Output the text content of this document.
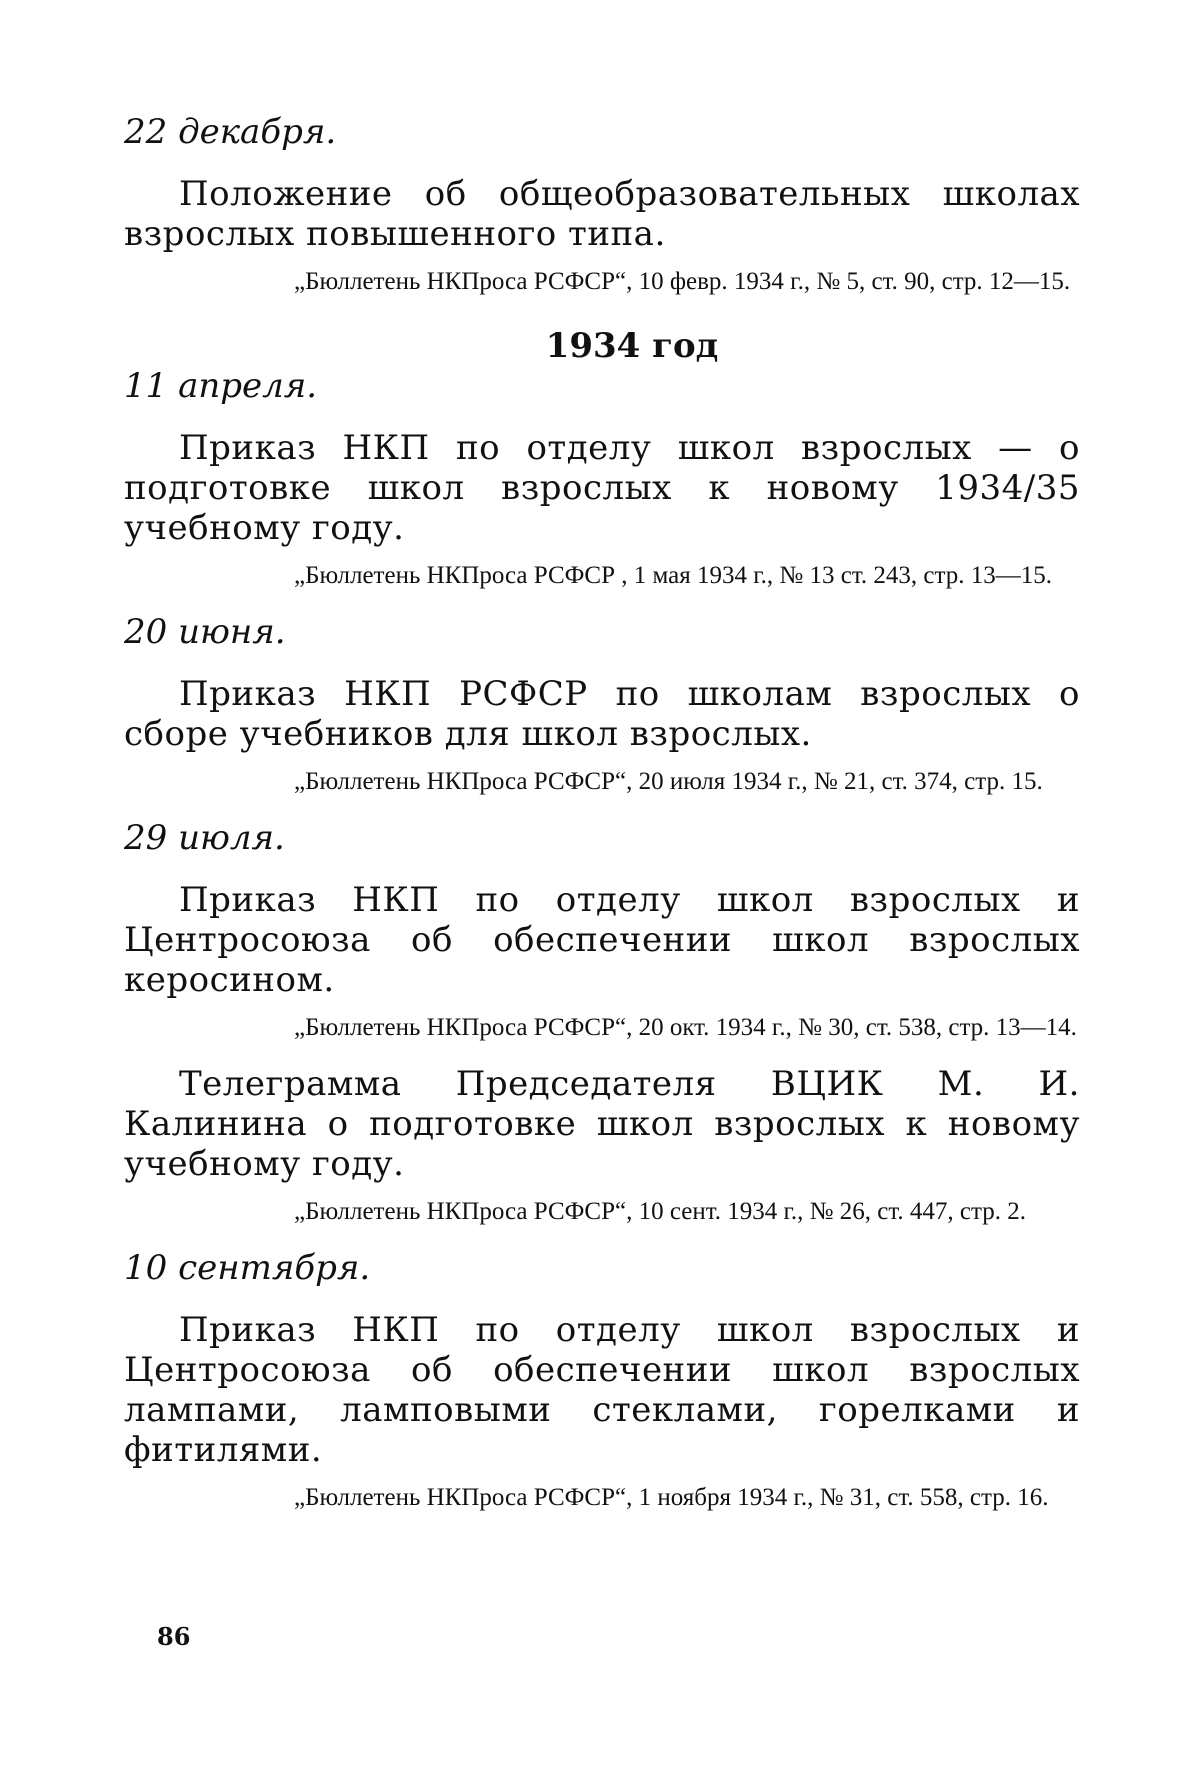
22 декабря.

Положение об общеобразовательных школах взрослых повышенного типа.

„Бюллетень НКПроса РСФСР“, 10 февр. 1934 г., № 5, ст. 90, стр. 12—15.

1934 год

11 апреля.

Приказ НКП по отделу школ взрослых — о подготовке школ взрослых к новому 1934/35 учебному году.

„Бюллетень НКПроса РСФСР , 1 мая 1934 г., № 13 ст. 243, стр. 13—15.

20 июня.

Приказ НКП РСФСР по школам взрослых о сборе учебников для школ взрослых.

„Бюллетень НКПроса РСФСР“, 20 июля 1934 г., № 21, ст. 374, стр. 15.

29 июля.

Приказ НКП по отделу школ взрослых и Центросоюза об обеспечении школ взрослых керосином.

„Бюллетень НКПроса РСФСР“, 20 окт. 1934 г., № 30, ст. 538, стр. 13—14.

Телеграмма Председателя ВЦИК М. И. Калинина о подготовке школ взрослых к новому учебному году.

„Бюллетень НКПроса РСФСР“, 10 сент. 1934 г., № 26, ст. 447, стр. 2.

10 сентября.

Приказ НКП по отделу школ взрослых и Центросоюза об обеспечении школ взрослых лампами, ламповыми стеклами, горелками и фитилями.

„Бюллетень НКПроса РСФСР“, 1 ноября 1934 г., № 31, ст. 558, стр. 16.

86
